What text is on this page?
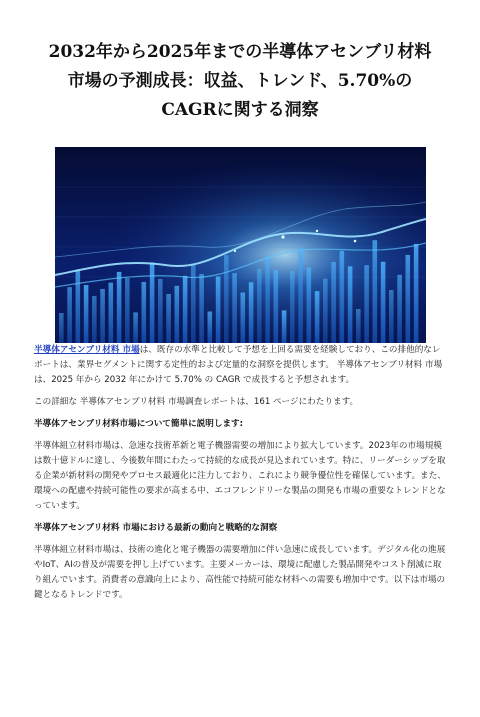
2032年から2025年までの半導体アセンブリ材料
市場の予測成長：収益、トレンド、5.70%の
CAGRに関する洞察

半導体アセンブリ材料 市場は、既存の水準と比較して予想を上回る需要を経験しており、この排他的なレポートは、業界セグメントに関する定性的および定量的な洞察を提供します。 半導体アセンブリ材料 市場は、2025 年から 2032 年にかけて 5.70% の CAGR で成長すると予想されます。

この詳細な 半導体アセンブリ材料 市場調査レポートは、161 ページにわたります。

半導体アセンブリ材料市場について簡単に説明します:

半導体組立材料市場は、急速な技術革新と電子機器需要の増加により拡大しています。2023年の市場規模は数十億ドルに達し、今後数年間にわたって持続的な成長が見込まれています。特に、リーダーシップを取る企業が新材料の開発やプロセス最適化に注力しており、これにより競争優位性を確保しています。また、環境への配慮や持続可能性の要求が高まる中、エコフレンドリーな製品の開発も市場の重要なトレンドとなっています。

半導体アセンブリ材料 市場における最新の動向と戦略的な洞察

半導体組立材料市場は、技術の進化と電子機器の需要増加に伴い急速に成長しています。デジタル化の進展やIoT、AIの普及が需要を押し上げています。主要メーカーは、環境に配慮した製品開発やコスト削減に取り組んでいます。消費者の意識向上により、高性能で持続可能な材料への需要も増加中です。以下は市場の鍵となるトレンドです。
